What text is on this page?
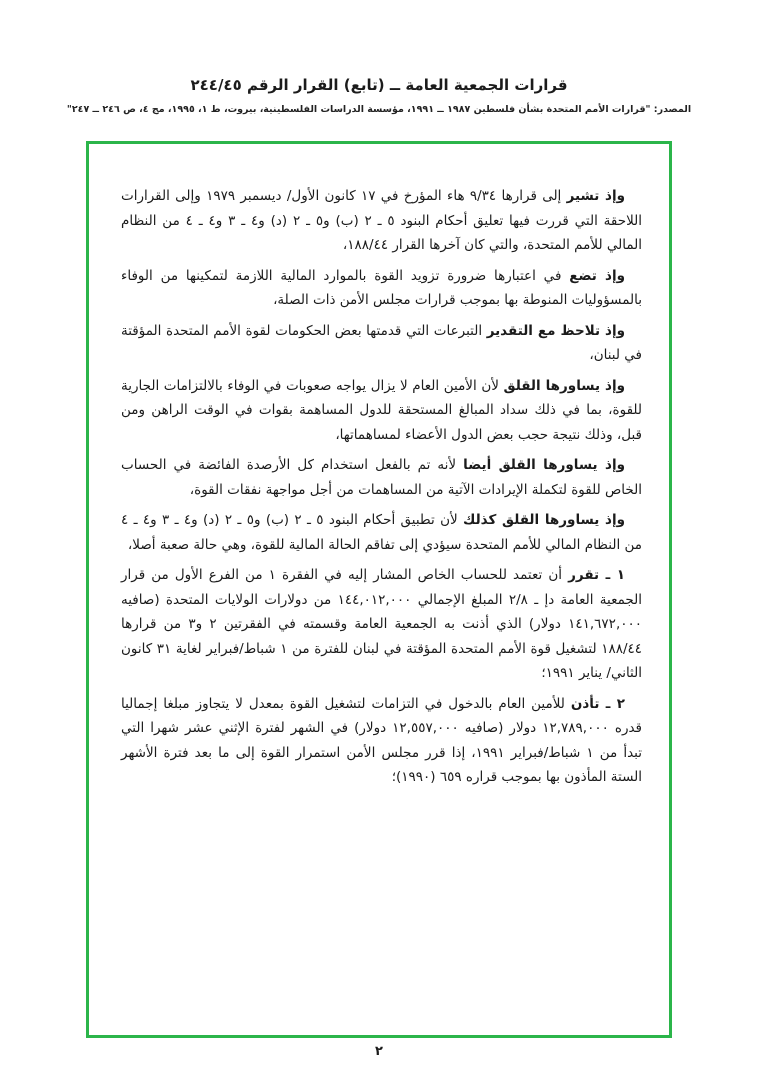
قرارات الجمعية العامة ــ (تابع) القرار الرقم ٢٤٤/٤٥
المصدر: "قرارات الأمم المتحدة بشأن فلسطين ١٩٨٧ ــ ١٩٩١، مؤسسة الدراسات الفلسطينية، بيروت، ط ١، ١٩٩٥، مج ٤، ص ٢٤٦ ــ ٢٤٧"

وإذ تشير إلى قرارها ٩/٣٤ هاء المؤرخ في ١٧ كانون الأول/ ديسمبر ١٩٧٩ وإلى القرارات اللاحقة التي قررت فيها تعليق أحكام البنود ٥ ـ ٢ (ب) و٥ ـ ٢ (د) و٤ ـ ٣ و٤ ـ ٤ من النظام المالي للأمم المتحدة، والتي كان آخرها القرار ١٨٨/٤٤،

وإذ تضع في اعتبارها ضرورة تزويد القوة بالموارد المالية اللازمة لتمكينها من الوفاء بالمسؤوليات المنوطة بها بموجب قرارات مجلس الأمن ذات الصلة،

وإذ تلاحظ مع التقدير التبرعات التي قدمتها بعض الحكومات لقوة الأمم المتحدة المؤقتة في لبنان،

وإذ يساورها القلق لأن الأمين العام لا يزال يواجه صعوبات في الوفاء بالالتزامات الجارية للقوة، بما في ذلك سداد المبالغ المستحقة للدول المساهمة بقوات في الوقت الراهن ومن قبل، وذلك نتيجة حجب بعض الدول الأعضاء لمساهماتها،

وإذ يساورها القلق أيضا لأنه تم بالفعل استخدام كل الأرصدة الفائضة في الحساب الخاص للقوة لتكملة الإيرادات الآتية من المساهمات من أجل مواجهة نفقات القوة،

وإذ يساورها القلق كذلك لأن تطبيق أحكام البنود ٥ ـ ٢ (ب) و٥ ـ ٢ (د) و٤ ـ ٣ و٤ ـ ٤ من النظام المالي للأمم المتحدة سيؤدي إلى تفاقم الحالة المالية للقوة، وهي حالة صعبة أصلا،

١ ـ تقرر أن تعتمد للحساب الخاص المشار إليه في الفقرة ١ من الفرع الأول من قرار الجمعية العامة دإ ـ ٢/٨ المبلغ الإجمالي ١٤٤,٠١٢,٠٠٠ من دولارات الولايات المتحدة (صافيه ١٤١,٦٧٢,٠٠٠ دولار) الذي أذنت به الجمعية العامة وقسمته في الفقرتين ٢ و٣ من قرارها ١٨٨/٤٤ لتشغيل قوة الأمم المتحدة المؤقتة في لبنان للفترة من ١ شباط/فبراير لغاية ٣١ كانون الثاني/ يناير ١٩٩١؛

٢ ـ تأذن للأمين العام بالدخول في التزامات لتشغيل القوة بمعدل لا يتجاوز مبلغا إجماليا قدره ١٢,٧٨٩,٠٠٠ دولار (صافيه ١٢,٥٥٧,٠٠٠ دولار) في الشهر لفترة الإثني عشر شهرا التي تبدأ من ١ شباط/فبراير ١٩٩١، إذا قرر مجلس الأمن استمرار القوة إلى ما بعد فترة الأشهر الستة المأذون بها بموجب قراره ٦٥٩ (١٩٩٠)؛

٢
